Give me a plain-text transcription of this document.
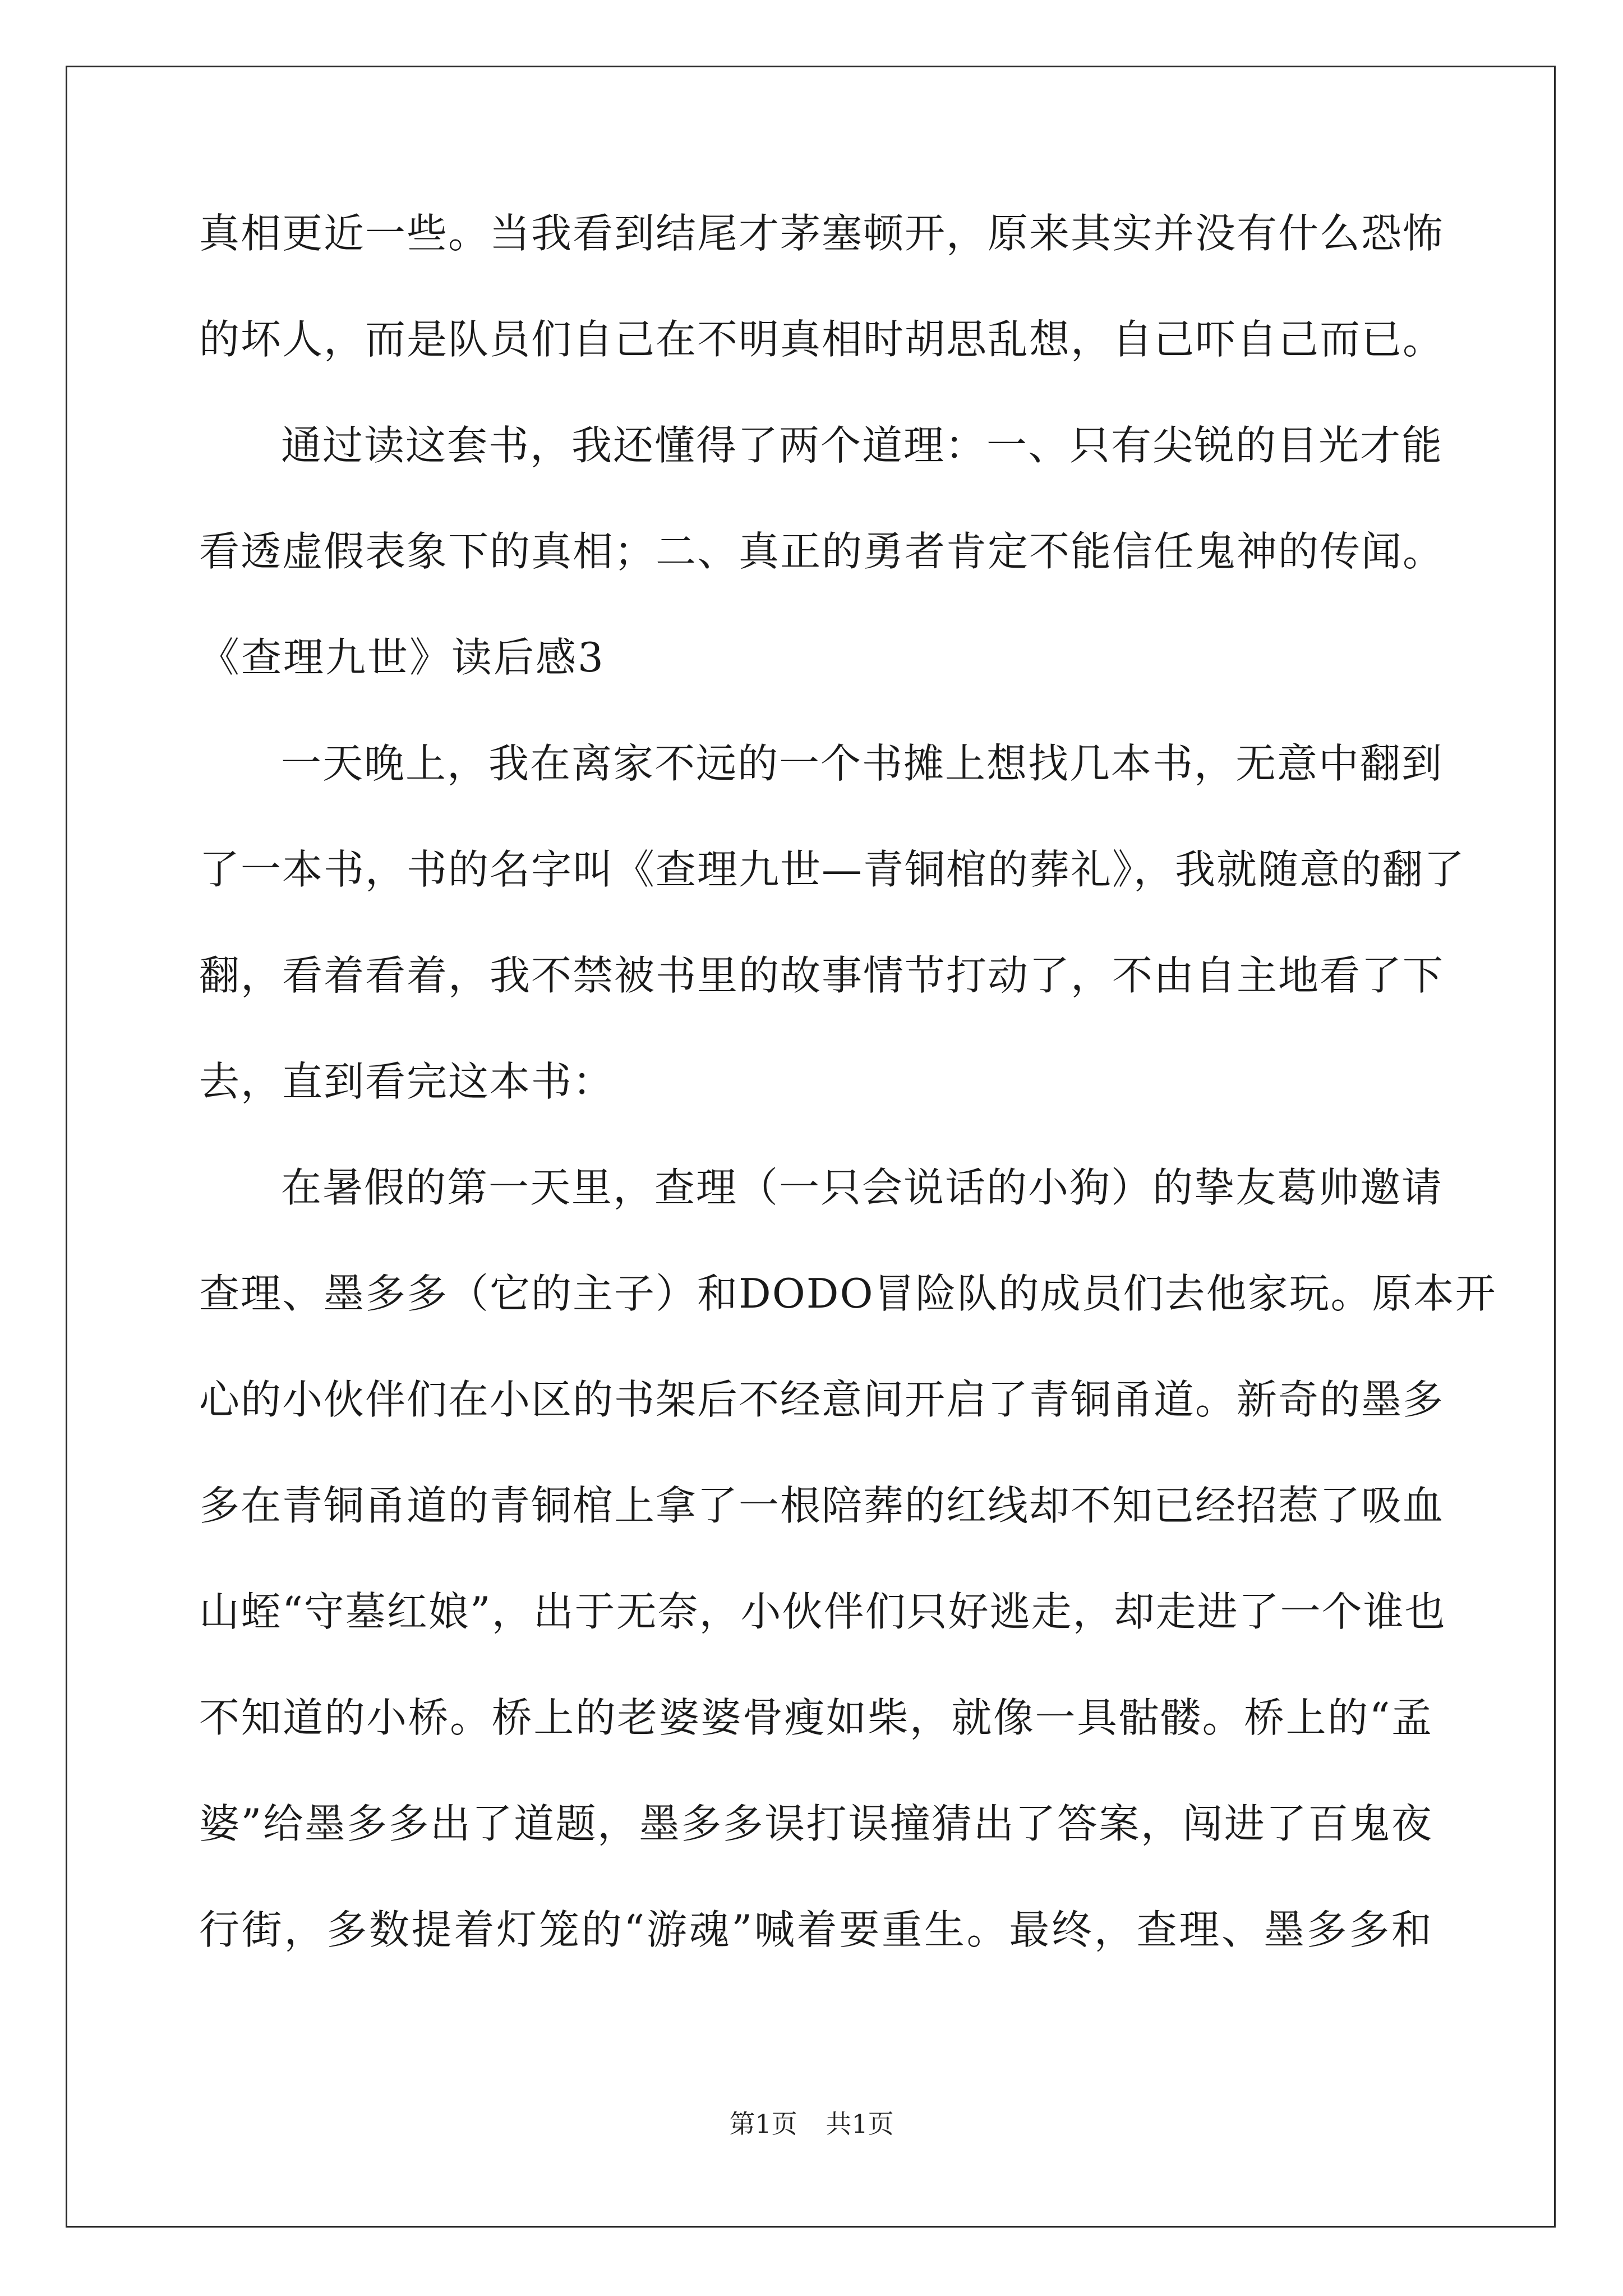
真相更近一些。当我看到结尾才茅塞顿开，原来其实并没有什么恐怖
的坏人，而是队员们自己在不明真相时胡思乱想，自己吓自己而已。
通过读这套书，我还懂得了两个道理：一、只有尖锐的目光才能
看透虚假表象下的真相；二、真正的勇者肯定不能信任鬼神的传闻。
《查理九世》读后感3
一天晚上，我在离家不远的一个书摊上想找几本书，无意中翻到
了一本书，书的名字叫《查理九世—青铜棺的葬礼》，我就随意的翻了
翻，看着看着，我不禁被书里的故事情节打动了，不由自主地看了下
去，直到看完这本书：
在暑假的第一天里，查理（一只会说话的小狗）的挚友葛帅邀请
查理、墨多多（它的主子）和DODO冒险队的成员们去他家玩。原本开
心的小伙伴们在小区的书架后不经意间开启了青铜甬道。新奇的墨多
多在青铜甬道的青铜棺上拿了一根陪葬的红线却不知已经招惹了吸血
山蛭“守墓红娘”，出于无奈，小伙伴们只好逃走，却走进了一个谁也
不知道的小桥。桥上的老婆婆骨瘦如柴，就像一具骷髅。桥上的“孟
婆”给墨多多出了道题，墨多多误打误撞猜出了答案，闯进了百鬼夜
行街，多数提着灯笼的“游魂”喊着要重生。最终，查理、墨多多和
第1页 共1页
